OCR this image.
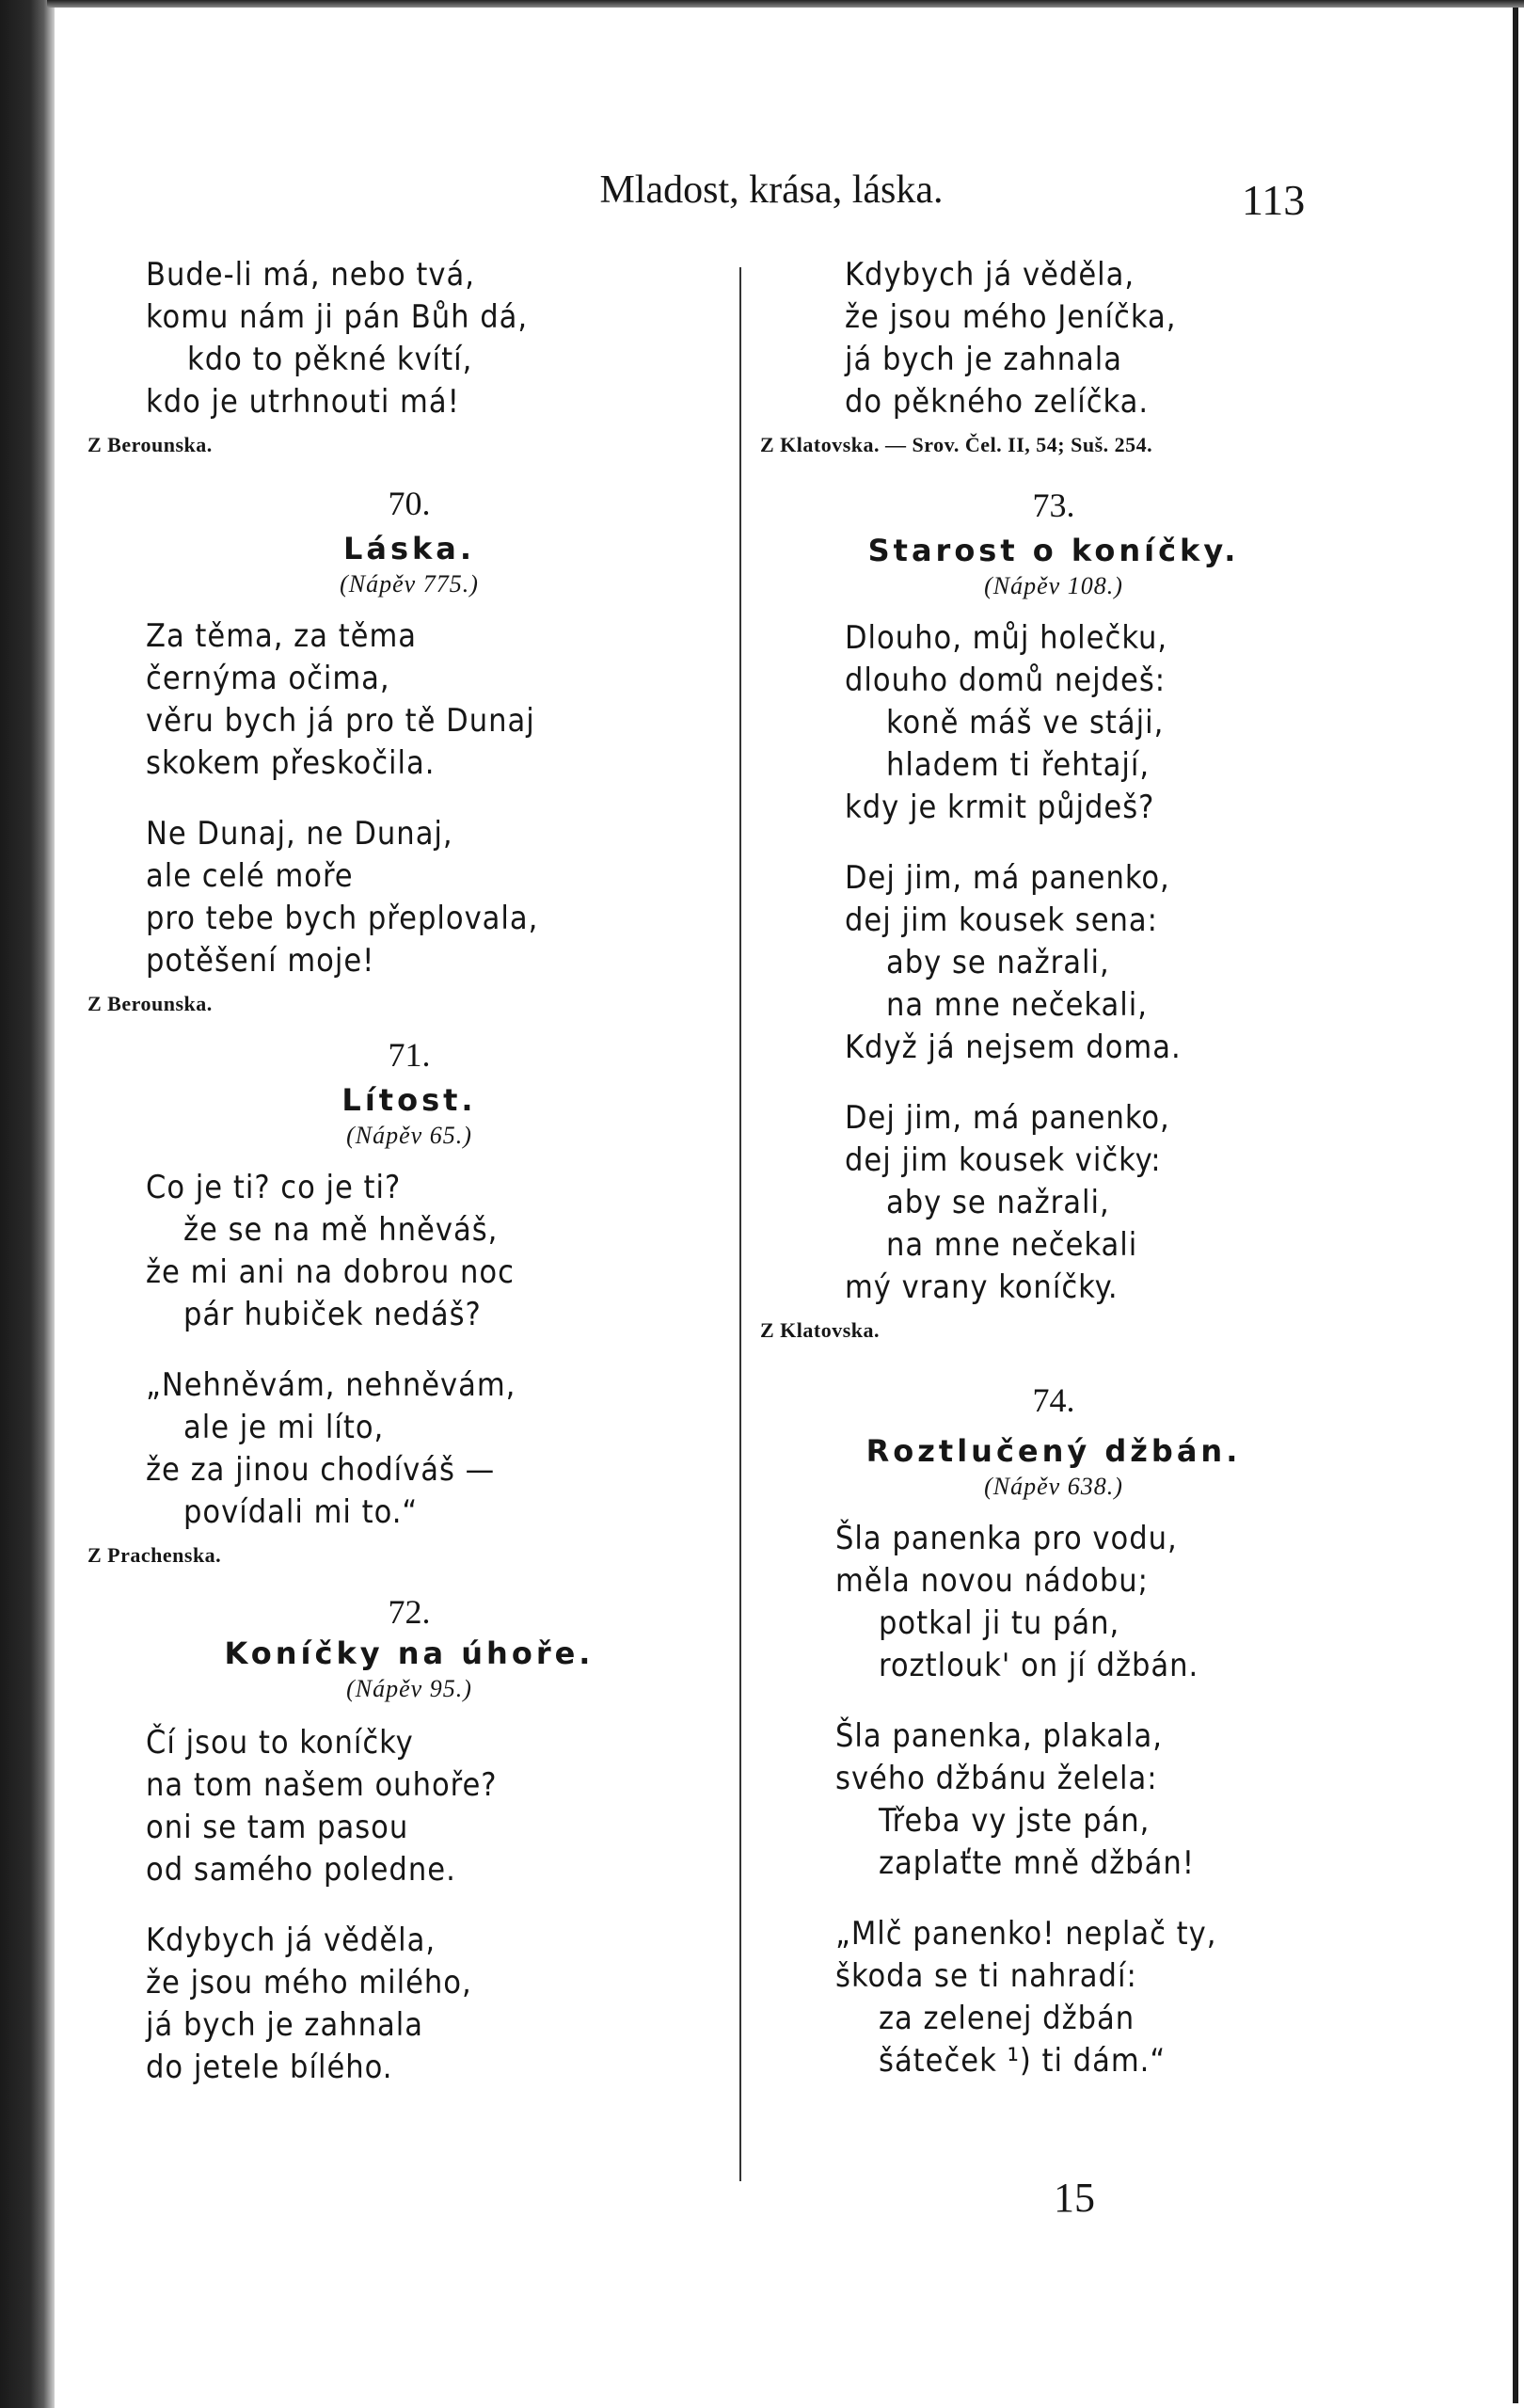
Mladost, krása, láska.	113
Bude-li má, nebo tvá,
komu nám ji pán Bůh dá,
kdo to pěkné kvítí,
kdo je utrhnouti má!
Z Berounska.
70.
Láska.
(Nápěv 775.)
Za těma, za těma
černýma očima,
věru bych já pro tě Dunaj
skokem přeskočila.
Ne Dunaj, ne Dunaj,
ale celé moře
pro tebe bych přeplovala,
potěšení moje!
Z Berounska.
71.
Lítost.
(Nápěv 65.)
Co je ti? co je ti?
že se na mě hněváš,
že mi ani na dobrou noc
pár hubiček nedáš?
„Nehněvám, nehněvám,
ale je mi líto,
že za jinou chodíváš —
povídali mi to.“
Z Prachenska.
72.
Koníčky na úhoře.
(Nápěv 95.)
Čí jsou to koníčky
na tom našem ouhoře?
oni se tam pasou
od samého poledne.
Kdybych já věděla,
že jsou mého milého,
já bych je zahnala
do jetele bílého.
Kdybych já věděla,
že jsou mého Jeníčka,
já bych je zahnala
do pěkného zelíčka.
Z Klatovska. — Srov. Čel. II, 54; Suš. 254.
73.
Starost o koníčky.
(Nápěv 108.)
Dlouho, můj holečku,
dlouho domů nejdeš:
koně máš ve stáji,
hladem ti řehtají,
kdy je krmit půjdeš?
Dej jim, má panenko,
dej jim kousek sena:
aby se nažrali,
na mne nečekali,
Když já nejsem doma.
Dej jim, má panenko,
dej jim kousek vičky:
aby se nažrali,
na mne nečekali
mý vrany koníčky.
Z Klatovska.
74.
Roztlučený džbán.
(Nápěv 638.)
Šla panenka pro vodu,
měla novou nádobu;
potkal ji tu pán,
roztlouk' on jí džbán.
Šla panenka, plakala,
svého džbánu želela:
Třeba vy jste pán,
zaplaťte mně džbán!
„Mlč panenko! neplač ty,
škoda se ti nahradí:
za zelenej džbán
šáteček ¹) ti dám.“
15
